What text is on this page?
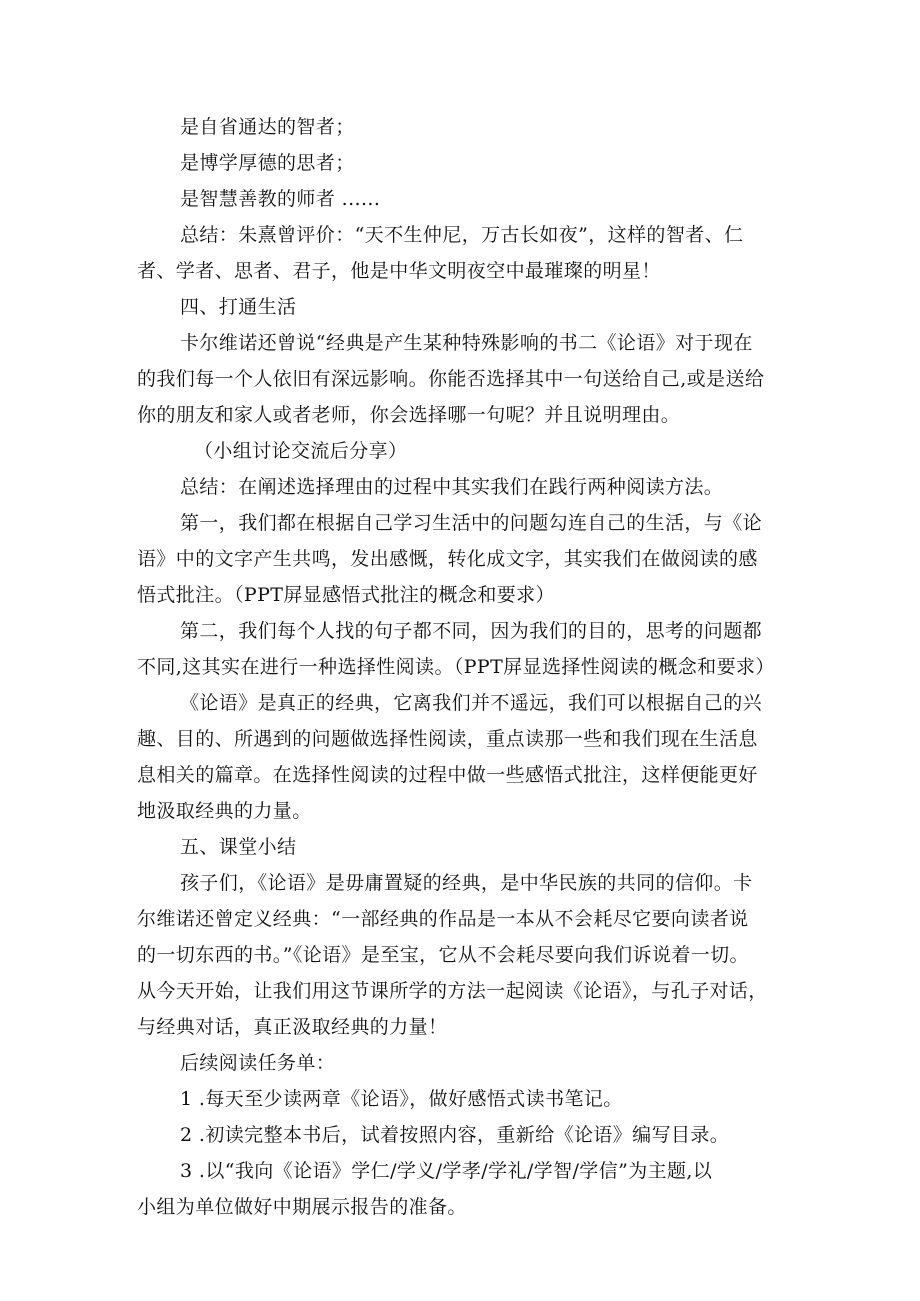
是自省通达的智者；
是博学厚德的思者；
是智慧善教的师者 ......
总结：朱熹曾评价：“天不生仲尼，万古长如夜”，这样的智者、仁
者、学者、思者、君子，他是中华文明夜空中最璀璨的明星！
四、打通生活
卡尔维诺还曾说“经典是产生某种特殊影响的书二《论语》对于现在
的我们每一个人依旧有深远影响。你能否选择其中一句送给自己,或是送给
你的朋友和家人或者老师，你会选择哪一句呢？并且说明理由。
（小组讨论交流后分享）
总结：在阐述选择理由的过程中其实我们在践行两种阅读方法。
第一，我们都在根据自己学习生活中的问题勾连自己的生活，与《论
语》中的文字产生共鸣，发出感慨，转化成文字，其实我们在做阅读的感
悟式批注。（PPT屏显感悟式批注的概念和要求）
第二，我们每个人找的句子都不同，因为我们的目的，思考的问题都
不同,这其实在进行一种选择性阅读。（PPT屏显选择性阅读的概念和要求）
《论语》是真正的经典，它离我们并不遥远，我们可以根据自己的兴
趣、目的、所遇到的问题做选择性阅读，重点读那一些和我们现在生活息
息相关的篇章。在选择性阅读的过程中做一些感悟式批注，这样便能更好
地汲取经典的力量。
五、课堂小结
孩子们，《论语》是毋庸置疑的经典，是中华民族的共同的信仰。卡
尔维诺还曾定义经典：“一部经典的作品是一本从不会耗尽它要向读者说
的一切东西的书。”《论语》是至宝，它从不会耗尽要向我们诉说着一切。
从今天开始，让我们用这节课所学的方法一起阅读《论语》，与孔子对话，
与经典对话，真正汲取经典的力量！
后续阅读任务单：
1 .每天至少读两章《论语》，做好感悟式读书笔记。
2 .初读完整本书后，试着按照内容，重新给《论语》编写目录。
3 .以“我向《论语》学仁/学义/学孝/学礼/学智/学信”为主题,以
小组为单位做好中期展示报告的准备。
